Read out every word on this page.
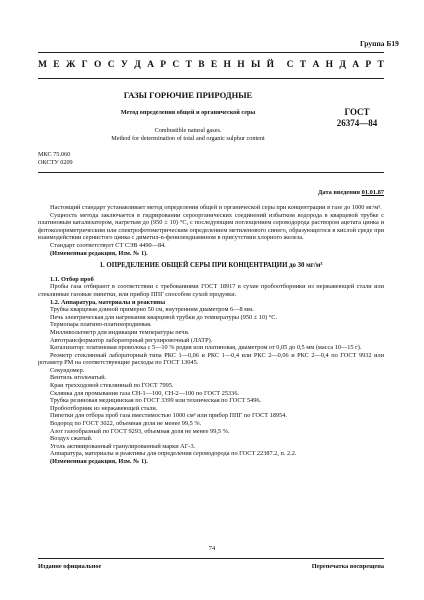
Группа Б19
М Е Ж Г О С У Д А Р С Т В Е Н Н Ы Й С Т А Н Д А Р Т
ГАЗЫ ГОРЮЧИЕ ПРИРОДНЫЕ
Метод определения общей и органической серы	ГОСТ
26374—84
Combustible natural gases.
Method for determination of total and organic sulphur content
МКС 75.060
ОКСТУ 0209
Дата введения 01.01.87

Настоящий стандарт устанавливает метод определения общей и органической серы при концентрации в газе до 1000 мг/м³.

Сущность метода заключается в гидрировании сероорганических соединений избытком водорода в кварцевой трубке с платиновым катализатором, нагретым до (950 ± 10) °С, с последующим поглощением сероводорода раствором ацетата цинка и фотоколориметрическим или спектрофотометрическим определением метиленового синего, образующегося в кислой среде при взаимодействии сернистого цинка с диметил-n-фенилендиамином в присутствии хлорного железа.

Стандарт соответствует СТ СЭВ 4490—84.

(Измененная редакция, Изм. № 1).

1. ОПРЕДЕЛЕНИЕ ОБЩЕЙ СЕРЫ ПРИ КОНЦЕНТРАЦИИ до 30 мг/м³

1.1. Отбор проб

Пробы газа отбирают в соответствии с требованиями ГОСТ 18917 в сухие пробоотборники из нержавеющей стали или стеклянные газовые пипетки, или прибор ППГ способом сухой продувки.

1.2. Аппаратура, материалы и реактивы

Трубка кварцевая длиной примерно 50 см, внутренним диаметром 6—8 мм.

Печь электрическая для нагревания кварцевой трубки до температуры (950 ± 10) °С.

Термопара платино-платинородиевая.

Милливольтметр для индикации температуры печи.

Автотрансформатор лабораторный регулировочный (ЛАТР).

Катализатор: платиновая проволока с 5—10 % родия или платиновая, диаметром от 0,05 до 0,5 мм (масса 10—15 г).

Реометр стеклянный лабораторный типа РКС 1—0,06 и РКС 1—0,4 или РКС 2—0,06 и РКС 2—0,4 по ГОСТ 9932 или ротаметр РМ на соответствующие расходы по ГОСТ 13045.

Секундомер.

Вентиль игольчатый.

Кран трехходовой стеклянный по ГОСТ 7995.

Склянка для промывания газа СН-1—100, СН-2—100 по ГОСТ 25336.

Трубка резиновая медицинская по ГОСТ 3399 или техническая по ГОСТ 5496.

Пробоотборник из нержавеющей стали.

Пипетки для отбора проб газа вместимостью 1000 см³ или прибор ППГ по ГОСТ 18954.

Водород по ГОСТ 3022, объемная доля не менее 99,5 %.

Азот газообразный по ГОСТ 9293, объемная доля не менее 99,5 %.

Воздух сжатый.

Уголь активированный гранулированный марки АГ-3.

Аппаратура, материалы и реактивы для определения сероводорода по ГОСТ 22387.2, п. 2.2.

(Измененная редакция, Изм. № 1).

74
Издание официальное	Перепечатка воспрещена
